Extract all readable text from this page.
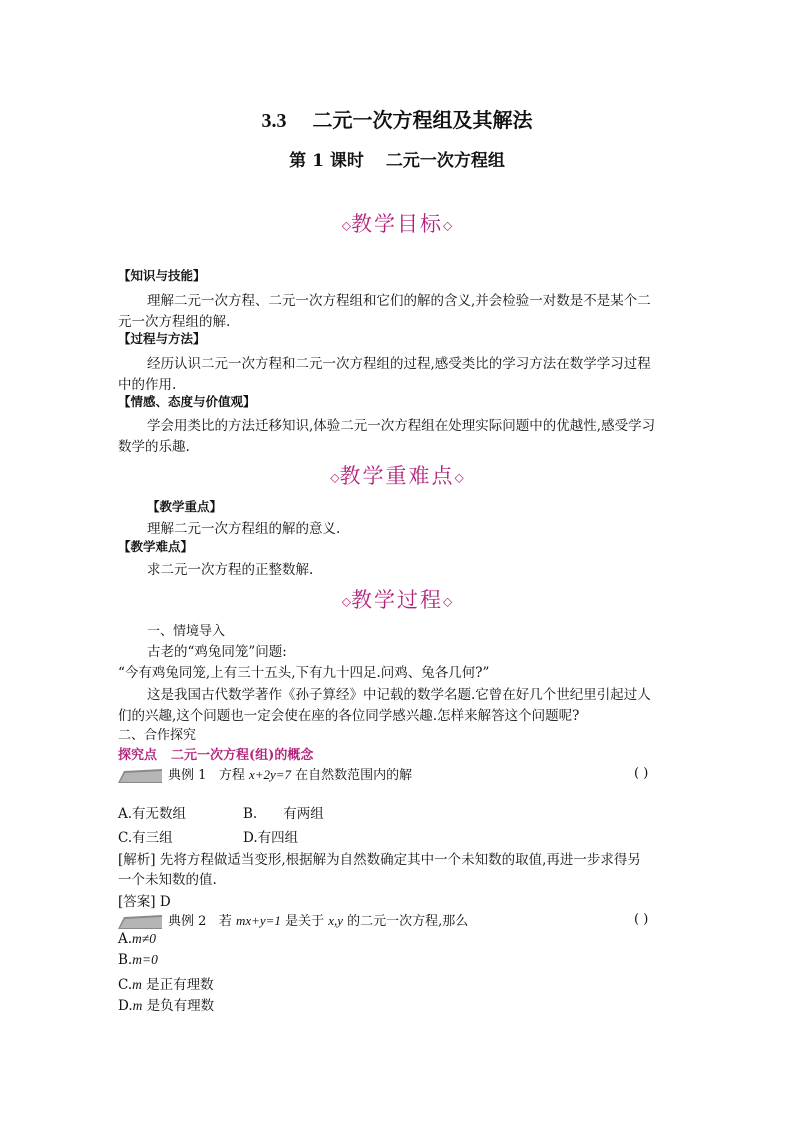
3.3 二元一次方程组及其解法
第 1 课时 二元一次方程组
◇教学目标◇
【知识与技能】
理解二元一次方程、二元一次方程组和它们的解的含义,并会检验一对数是不是某个二
元一次方程组的解.
【过程与方法】
经历认识二元一次方程和二元一次方程组的过程,感受类比的学习方法在数学学习过程
中的作用.
【情感、态度与价值观】
学会用类比的方法迁移知识,体验二元一次方程组在处理实际问题中的优越性,感受学习
数学的乐趣.
◇教学重难点◇
【教学重点】
理解二元一次方程组的解的意义.
【教学难点】
求二元一次方程的正整数解.
◇教学过程◇
一、情境导入
古老的“鸡兔同笼”问题:
“今有鸡兔同笼,上有三十五头,下有九十四足.问鸡、兔各几何?”
这是我国古代数学著作《孙子算经》中记载的数学名题.它曾在好几个世纪里引起过人
们的兴趣,这个问题也一定会使在座的各位同学感兴趣.怎样来解答这个问题呢?
二、合作探究
探究点 二元一次方程(组)的概念
典例 1 方程 x+2y=7 在自然数范围内的解	( )
A.有无数组	B. 有两组
C.有三组	D.有四组
[解析] 先将方程做适当变形,根据解为自然数确定其中一个未知数的取值,再进一步求得另
一个未知数的值.
[答案] D
典例 2 若 mx+y=1 是关于 x,y 的二元一次方程,那么	( )
A.m≠0
B.m=0
C.m 是正有理数
D.m 是负有理数
